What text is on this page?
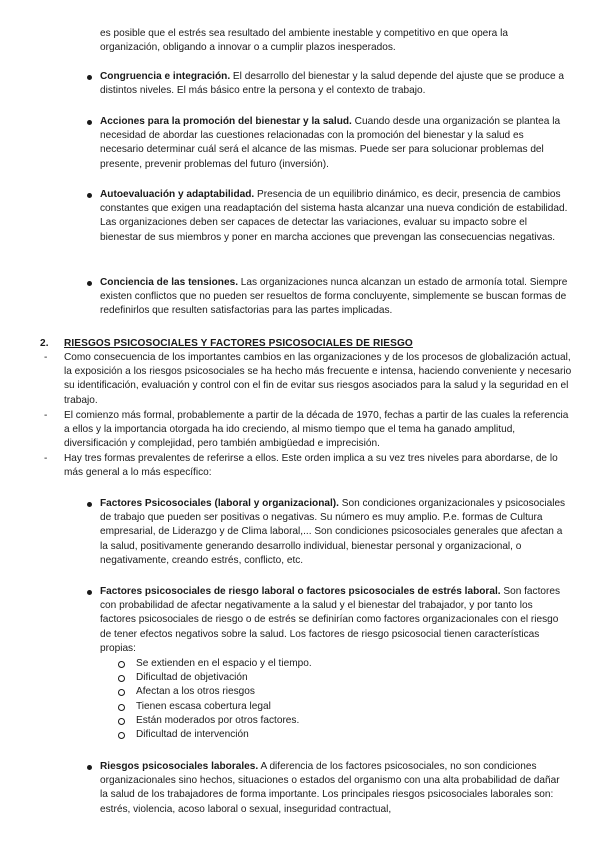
es posible que el estrés sea resultado del ambiente inestable y competitivo en que opera la organización, obligando a innovar o a cumplir plazos inesperados.
Congruencia e integración. El desarrollo del bienestar y la salud depende del ajuste que se produce a distintos niveles. El más básico entre la persona y el contexto de trabajo.
Acciones para la promoción del bienestar y la salud. Cuando desde una organización se plantea la necesidad de abordar las cuestiones relacionadas con la promoción del bienestar y la salud es necesario determinar cuál será el alcance de las mismas. Puede ser para solucionar problemas del presente, prevenir problemas del futuro (inversión).
Autoevaluación y adaptabilidad. Presencia de un equilibrio dinámico, es decir, presencia de cambios constantes que exigen una readaptación del sistema hasta alcanzar una nueva condición de estabilidad. Las organizaciones deben ser capaces de detectar las variaciones, evaluar su impacto sobre el bienestar de sus miembros y poner en marcha acciones que prevengan las consecuencias negativas.
Conciencia de las tensiones. Las organizaciones nunca alcanzan un estado de armonía total. Siempre existen conflictos que no pueden ser resueltos de forma concluyente, simplemente se buscan formas de redefinirlos que resulten satisfactorias para las partes implicadas.
2. RIESGOS PSICOSOCIALES Y FACTORES PSICOSOCIALES DE RIESGO
- Como consecuencia de los importantes cambios en las organizaciones y de los procesos de globalización actual, la exposición a los riesgos psicosociales se ha hecho más frecuente e intensa, haciendo conveniente y necesario su identificación, evaluación y control con el fin de evitar sus riesgos asociados para la salud y la seguridad en el trabajo.
- El comienzo más formal, probablemente a partir de la década de 1970, fechas a partir de las cuales la referencia a ellos y la importancia otorgada ha ido creciendo, al mismo tiempo que el tema ha ganado amplitud, diversificación y complejidad, pero también ambigüedad e imprecisión.
- Hay tres formas prevalentes de referirse a ellos. Este orden implica a su vez tres niveles para abordarse, de lo más general a lo más específico:
Factores Psicosociales (laboral y organizacional). Son condiciones organizacionales y psicosociales de trabajo que pueden ser positivas o negativas. Su número es muy amplio. P.e. formas de Cultura empresarial, de Liderazgo y de Clima laboral,... Son condiciones psicosociales generales que afectan a la salud, positivamente generando desarrollo individual, bienestar personal y organizacional, o negativamente, creando estrés, conflicto, etc.
Factores psicosociales de riesgo laboral o factores psicosociales de estrés laboral. Son factores con probabilidad de afectar negativamente a la salud y el bienestar del trabajador, y por tanto los factores psicosociales de riesgo o de estrés se definirían como factores organizacionales con el riesgo de tener efectos negativos sobre la salud. Los factores de riesgo psicosocial tienen características propias:
Se extienden en el espacio y el tiempo.
Dificultad de objetivación
Afectan a los otros riesgos
Tienen escasa cobertura legal
Están moderados por otros factores.
Dificultad de intervención
Riesgos psicosociales laborales. A diferencia de los factores psicosociales, no son condiciones organizacionales sino hechos, situaciones o estados del organismo con una alta probabilidad de dañar la salud de los trabajadores de forma importante. Los principales riesgos psicosociales laborales son: estrés, violencia, acoso laboral o sexual, inseguridad contractual,
